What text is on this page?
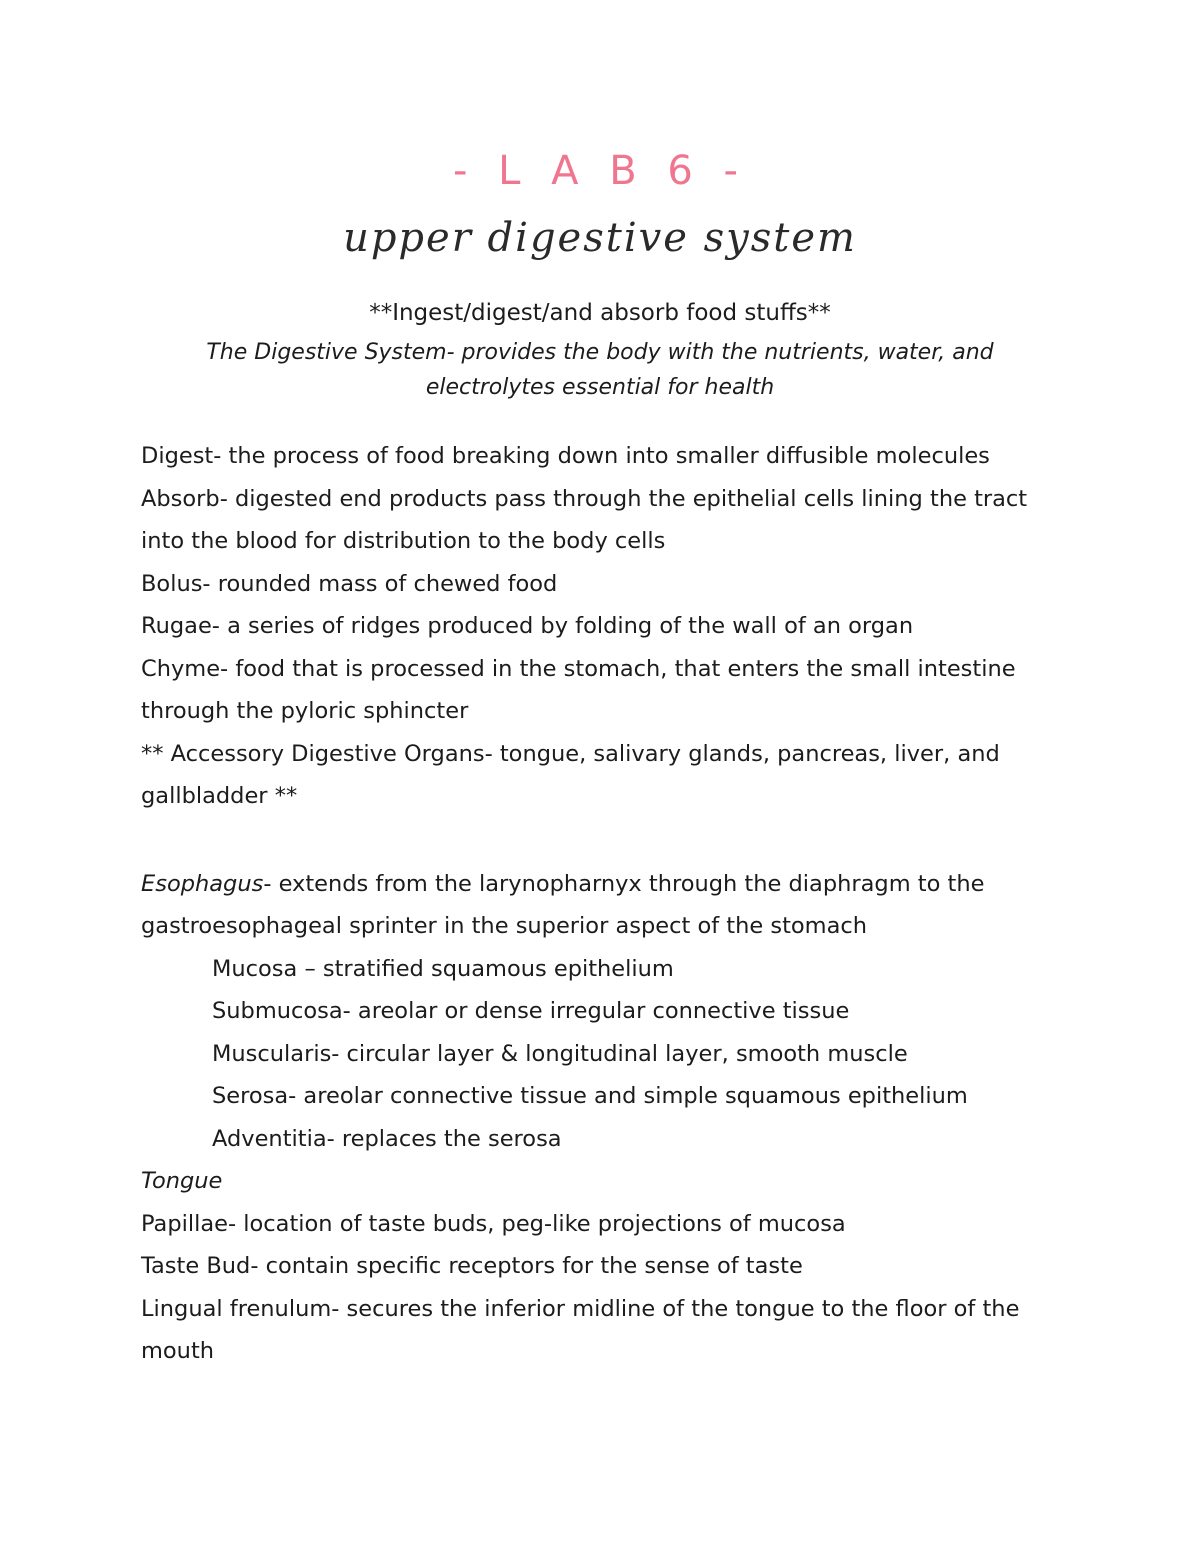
- L A B 6 -
upper digestive system
**Ingest/digest/and absorb food stuffs**
The Digestive System- provides the body with the nutrients, water, and electrolytes essential for health

Digest- the process of food breaking down into smaller diffusible molecules

Absorb- digested end products pass through the epithelial cells lining the tract into the blood for distribution to the body cells

Bolus- rounded mass of chewed food

Rugae- a series of ridges produced by folding of the wall of an organ

Chyme- food that is processed in the stomach, that enters the small intestine through the pyloric sphincter

** Accessory Digestive Organs- tongue, salivary glands, pancreas, liver, and gallbladder **

Esophagus- extends from the larynopharnyx through the diaphragm to the gastroesophageal sprinter in the superior aspect of the stomach

Mucosa – stratified squamous epithelium

Submucosa- areolar or dense irregular connective tissue

Muscularis- circular layer & longitudinal layer, smooth muscle

Serosa- areolar connective tissue and simple squamous epithelium

Adventitia- replaces the serosa

Tongue

Papillae- location of taste buds, peg-like projections of mucosa

Taste Bud- contain specific receptors for the sense of taste

Lingual frenulum- secures the inferior midline of the tongue to the floor of the mouth
